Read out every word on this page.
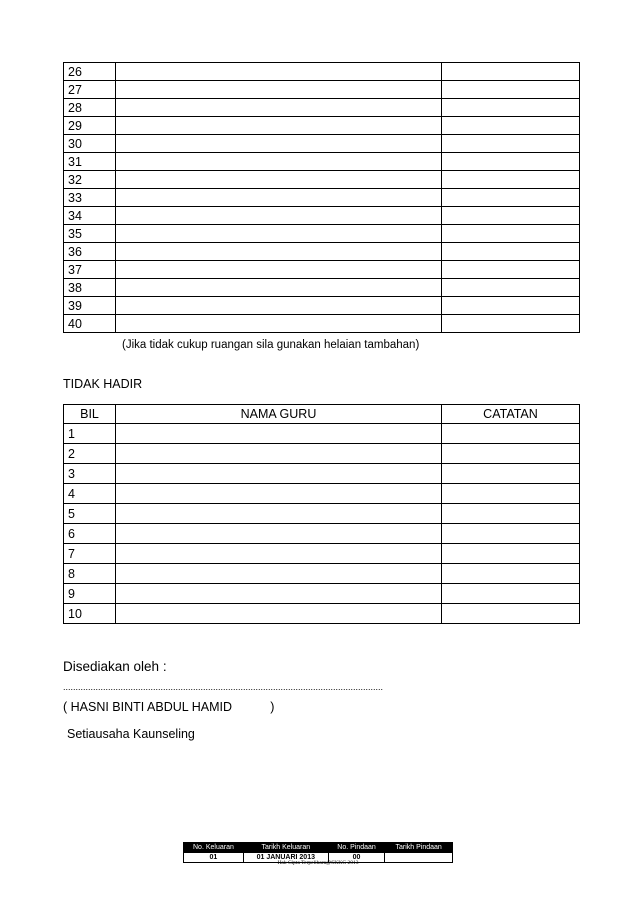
26		
27		
28		
29		
30		
31		
32		
33		
34		
35		
36		
37		
38		
39		
40		
(Jika tidak cukup ruangan sila gunakan helaian tambahan)
TIDAK HADIR
BIL	NAMA GURU	CATATAN
1		
2		
3		
4		
5		
6		
7		
8		
9		
10		
Disediakan oleh :
................................................................................................................................
( HASNI BINTI ABDUL HAMID           )
Setiausaha Kaunseling
No. Keluaran	Tarikh Keluaran	No. Pindaan	Tarikh Pindaan
01	01 JANUARI 2013	00	
Hak Cipta Terpelihara@SKKG 2013
